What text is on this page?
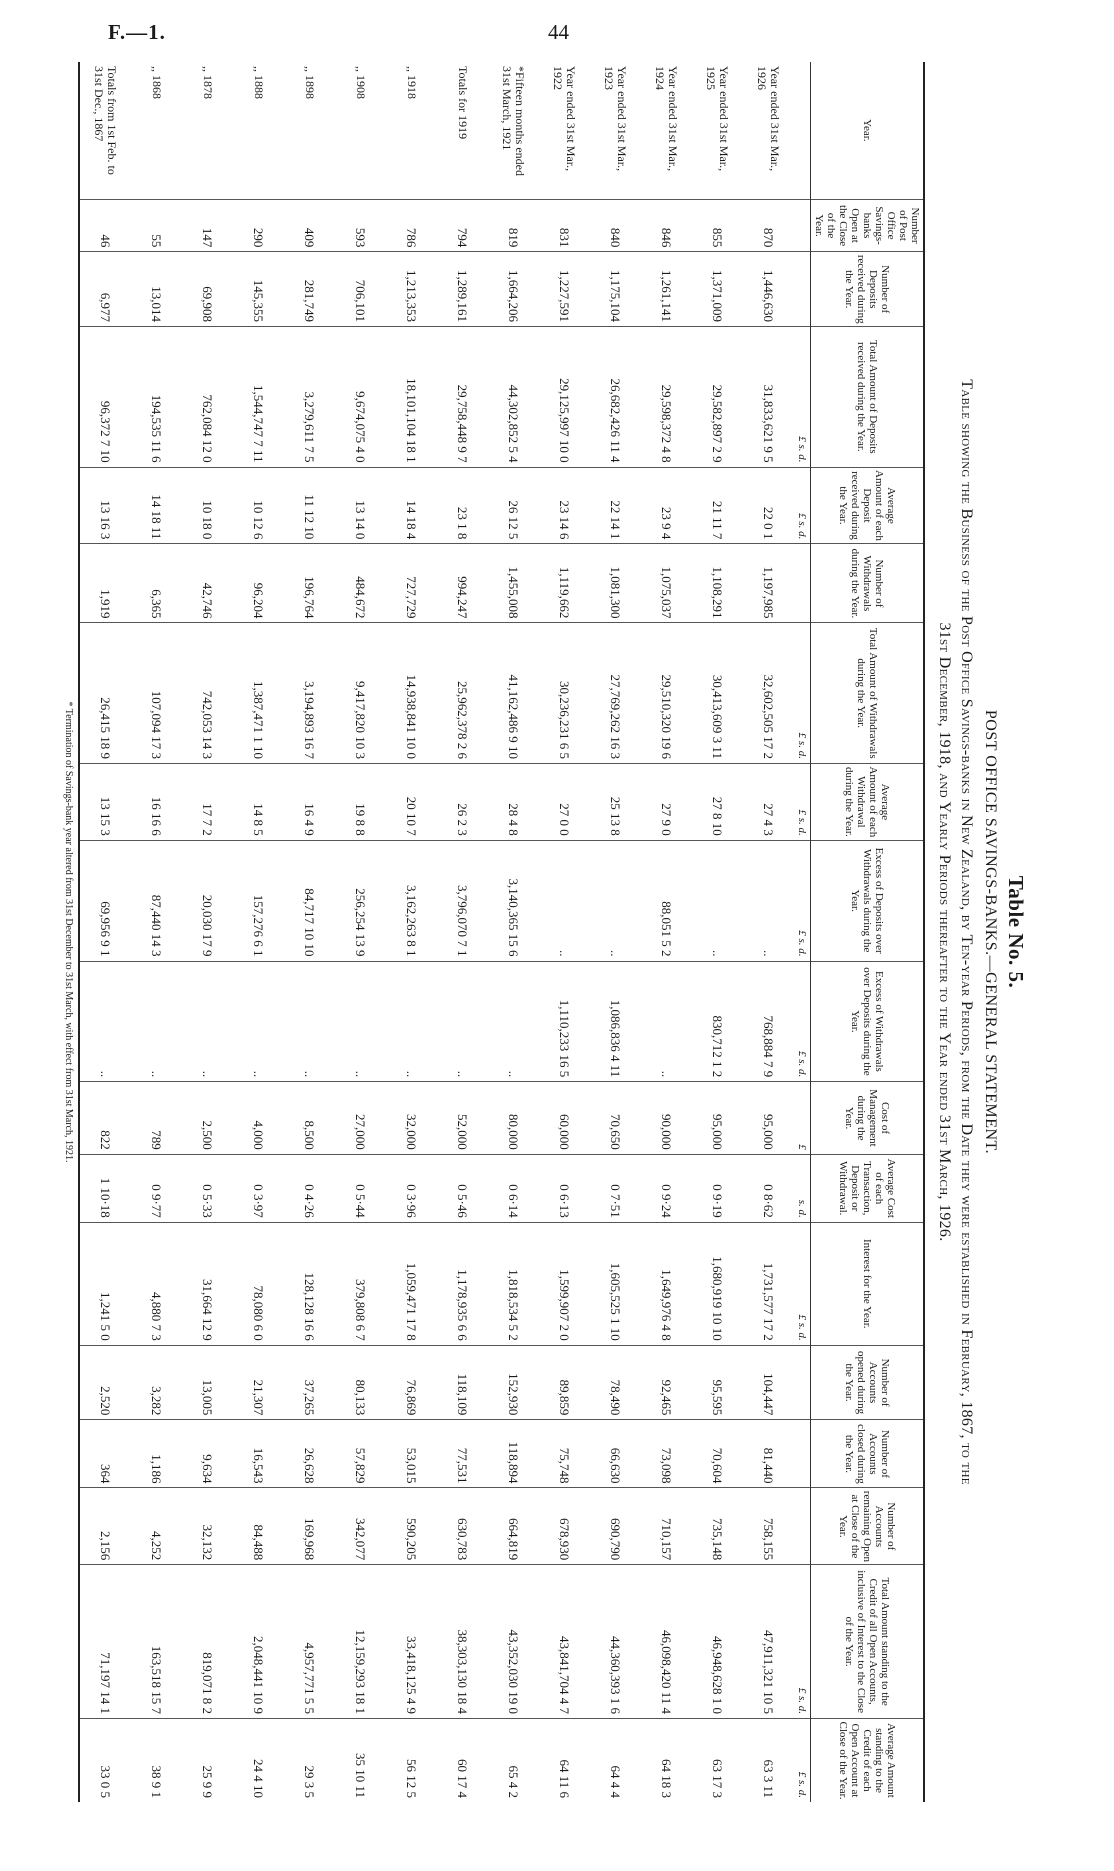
F.—1.	44
Table No. 5.
POST OFFICE SAVINGS-BANKS.—GENERAL STATEMENT.
Table showing the Business of the Post Office Savings-banks in New Zealand, by Ten-year Periods, from the Date they were established in February, 1867, to the
31st December, 1918, and Yearly Periods thereafter to the Year ended 31st March, 1926.
Year.	Number of Post Office Savings-banks Open at the Close of the Year.	Number of Deposits received during the Year.	Total Amount of Deposits received during the Year.	Average Amount of each Deposit received during the Year.	Number of Withdrawals during the Year.	Total Amount of Withdrawals during the Year.	Average Amount of each Withdrawal during the Year.	Excess of Deposits over Withdrawals during the Year.	Excess of Withdrawals over Deposits during the Year.	Cost of Management during the Year.	Average Cost of each Transaction, Deposit or Withdrawal.	Interest for the Year.	Number of Accounts opened during the Year.	Number of Accounts closed during the Year.	Number of Accounts remaining Open at Close of the Year.	Total Amount standing to the Credit of all Open Accounts, inclusive of Interest to the Close of the Year.	Average Amount standing to the Credit of each Open Account at Close of the Year.
			£ s. d.	£ s. d.		£ s. d.	£ s. d.	£ s. d.	£ s. d.	£	s. d.	£ s. d.				£ s. d.	£ s. d.
Year ended 31st Mar., 1926	870	1,446,630	31,833,621 9 5	22 0 1	1,197,985	32,602,505 17 2	27 4 3	..	768,884 7 9	95,000	0 8·62	1,731,577 17 2	104,447	81,440	758,155	47,911,321 10 5	63 3 11
Year ended 31st Mar., 1925	855	1,371,009	29,582,897 2 9	21 11 7	1,108,291	30,413,609 3 11	27 8 10	..	830,712 1 2	95,000	0 9·19	1,680,919 10 10	95,595	70,604	735,148	46,948,628 1 0	63 17 3
Year ended 31st Mar., 1924	846	1,261,141	29,598,372 4 8	23 9 4	1,075,037	29,510,320 19 6	27 9 0	88,051 5 2	..	90,000	0 9·24	1,649,976 4 8	92,465	73,098	710,157	46,098,420 11 4	64 18 3
Year ended 31st Mar., 1923	840	1,175,104	26,682,426 11 4	22 14 1	1,081,300	27,769,262 16 3	25 13 8	..	1,086,836 4 11	70,650	0 7·51	1,605,525 1 10	78,490	66,630	690,790	44,360,393 1 6	64 4 4
Year ended 31st Mar., 1922	831	1,227,591	29,125,997 10 0	23 14 6	1,119,662	30,236,231 6 5	27 0 0	..	1,110,233 16 5	60,000	0 6·13	1,599,907 2 0	89,859	75,748	678,930	43,841,704 4 7	64 11 6
*Fifteen months ended 31st March, 1921	819	1,664,206	44,302,852 5 4	26 12 5	1,455,008	41,162,486 9 10	28 4 8	3,140,365 15 6	..	80,000	0 6·14	1,818,534 5 2	152,930	118,894	664,819	43,352,030 19 0	65 4 2
Totals for 1919	794	1,289,161	29,758,448 9 7	23 1 8	994,247	25,962,378 2 6	26 2 3	3,796,070 7 1	..	52,000	0 5·46	1,178,935 6 6	118,109	77,531	630,783	38,303,130 18 4	60 17 4
,, 1918	786	1,213,353	18,101,104 18 1	14 18 4	727,729	14,938,841 10 0	20 10 7	3,162,263 8 1	..	32,000	0 3·96	1,059,471 17 8	76,869	53,015	590,205	33,418,125 4 9	56 12 5
,, 1908	593	706,101	9,674,075 4 0	13 14 0	484,672	9,417,820 10 3	19 8 8	256,254 13 9	..	27,000	0 5·44	379,808 6 7	80,133	57,829	342,077	12,159,293 18 1	35 10 11
,, 1898	409	281,749	3,279,611 7 5	11 12 10	196,764	3,194,893 16 7	16 4 9	84,717 10 10	..	8,500	0 4·26	128,128 16 6	37,265	26,628	169,968	4,957,771 5 5	29 3 5
,, 1888	290	145,355	1,544,747 7 11	10 12 6	96,204	1,387,471 1 10	14 8 5	157,276 6 1	..	4,000	0 3·97	78,080 6 0	21,307	16,543	84,488	2,048,441 10 9	24 4 10
,, 1878	147	69,908	762,084 12 0	10 18 0	42,746	742,053 14 3	17 7 2	20,030 17 9	..	2,500	0 5·33	31,664 12 9	13,005	9,634	32,132	819,071 8 2	25 9 9
,, 1868	55	13,014	194,535 11 6	14 18 11	6,365	107,094 17 3	16 16 6	87,440 14 3	..	789	0 9·77	4,880 7 3	3,282	1,186	4,252	163,518 15 7	38 9 1
Totals from 1st Feb. to 31st Dec., 1867	46	6,977	96,372 7 10	13 16 3	1,919	26,415 18 9	13 15 3	69,956 9 1	..	822	1 10·18	1,241 5 0	2,520	364	2,156	71,197 14 1	33 0 5
* Termination of Savings-bank year altered from 31st December to 31st March, with effect from 31st March, 1921.
